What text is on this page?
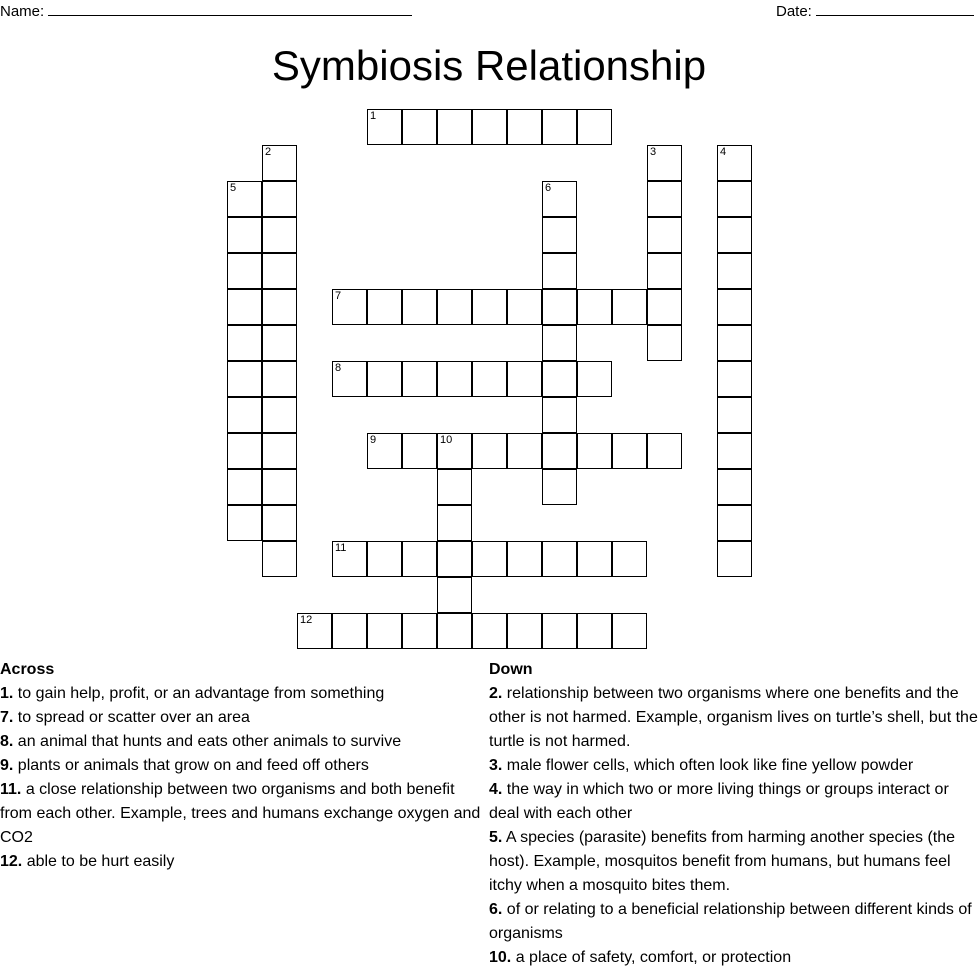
Name:	Date:
Symbiosis Relationship
1
2	3	4
5	6
7
8
9	10
11
12
Across

1. to gain help, profit, or an advantage from something

7. to spread or scatter over an area

8. an animal that hunts and eats other animals to survive

9. plants or animals that grow on and feed off others

11. a close relationship between two organisms and both benefit from each other. Example, trees and humans exchange oxygen and CO2

12. able to be hurt easily

Down

2. relationship between two organisms where one benefits and the other is not harmed. Example, organism lives on turtle’s shell, but the turtle is not harmed.

3. male flower cells, which often look like fine yellow powder

4. the way in which two or more living things or groups interact or deal with each other

5. A species (parasite) benefits from harming another species (the host). Example, mosquitos benefit from humans, but humans feel itchy when a mosquito bites them.

6. of or relating to a beneficial relationship between different kinds of organisms

10. a place of safety, comfort, or protection
